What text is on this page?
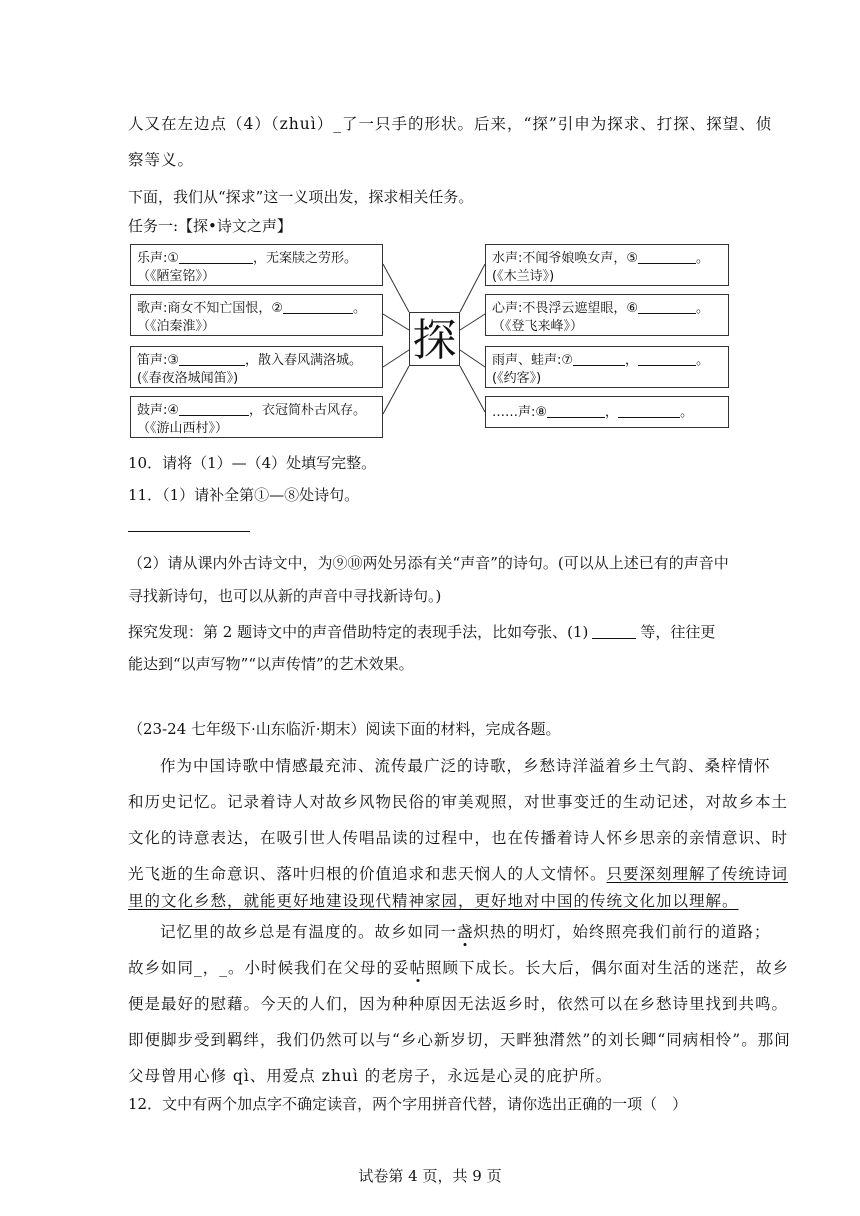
人又在左边点（4）（zhuì）_了一只手的形状。后来，“探”引申为探求、打探、探望、侦
察等义。
下面，我们从“探求”这一义项出发，探求相关任务。
任务一:【探•诗文之声】
探
乐声:①	，无案牍之劳形。
（《陋室铭》）
歌声:商女不知亡国恨，②	。
（《泊秦淮》）
笛声:③	，散入春风满洛城。
(《春夜洛城闻笛》)
鼓声:④	，衣冠简朴古风存。
（《游山西村》）
水声:不闻爷娘唤女声，⑤	。
(《木兰诗》)
心声:不畏浮云遮望眼，⑥	。
（《登飞来峰》）
雨声、蛙声:⑦	，	。
(《约客》)
……声:⑧	，	。
10．请将（1）—（4）处填写完整。
11．（1）请补全第①—⑧处诗句。
（2）请从课内外古诗文中，为⑨⑩两处另添有关“声音”的诗句。(可以从上述已有的声音中
寻找新诗句，也可以从新的声音中寻找新诗句。)
探究发现：第 2 题诗文中的声音借助特定的表现手法，比如夸张、(1)	等，往往更
能达到“以声写物”“以声传情”的艺术效果。
（23-24 七年级下·山东临沂·期末）阅读下面的材料，完成各题。
作为中国诗歌中情感最充沛、流传最广泛的诗歌，乡愁诗洋溢着乡土气韵、桑梓情怀
和历史记忆。记录着诗人对故乡风物民俗的审美观照，对世事变迁的生动记述，对故乡本土
文化的诗意表达，在吸引世人传唱品读的过程中，也在传播着诗人怀乡思亲的亲情意识、时
光飞逝的生命意识、落叶归根的价值追求和悲天悯人的人文情怀。只要深刻理解了传统诗词
里的文化乡愁，就能更好地建设现代精神家园，更好地对中国的传统文化加以理解。
记忆里的故乡总是有温度的。故乡如同一盏炽热的明灯，始终照亮我们前行的道路；
故乡如同_，_。小时候我们在父母的妥帖照顾下成长。长大后，偶尔面对生活的迷茫，故乡
便是最好的慰藉。今天的人们，因为种种原因无法返乡时，依然可以在乡愁诗里找到共鸣。
即便脚步受到羁绊，我们仍然可以与“乡心新岁切，天畔独潸然”的刘长卿“同病相怜”。那间
父母曾用心修 qì、用爱点 zhuì 的老房子，永远是心灵的庇护所。
12．文中有两个加点字不确定读音，两个字用拼音代替，请你选出正确的一项（　）
试卷第 4 页，共 9 页
